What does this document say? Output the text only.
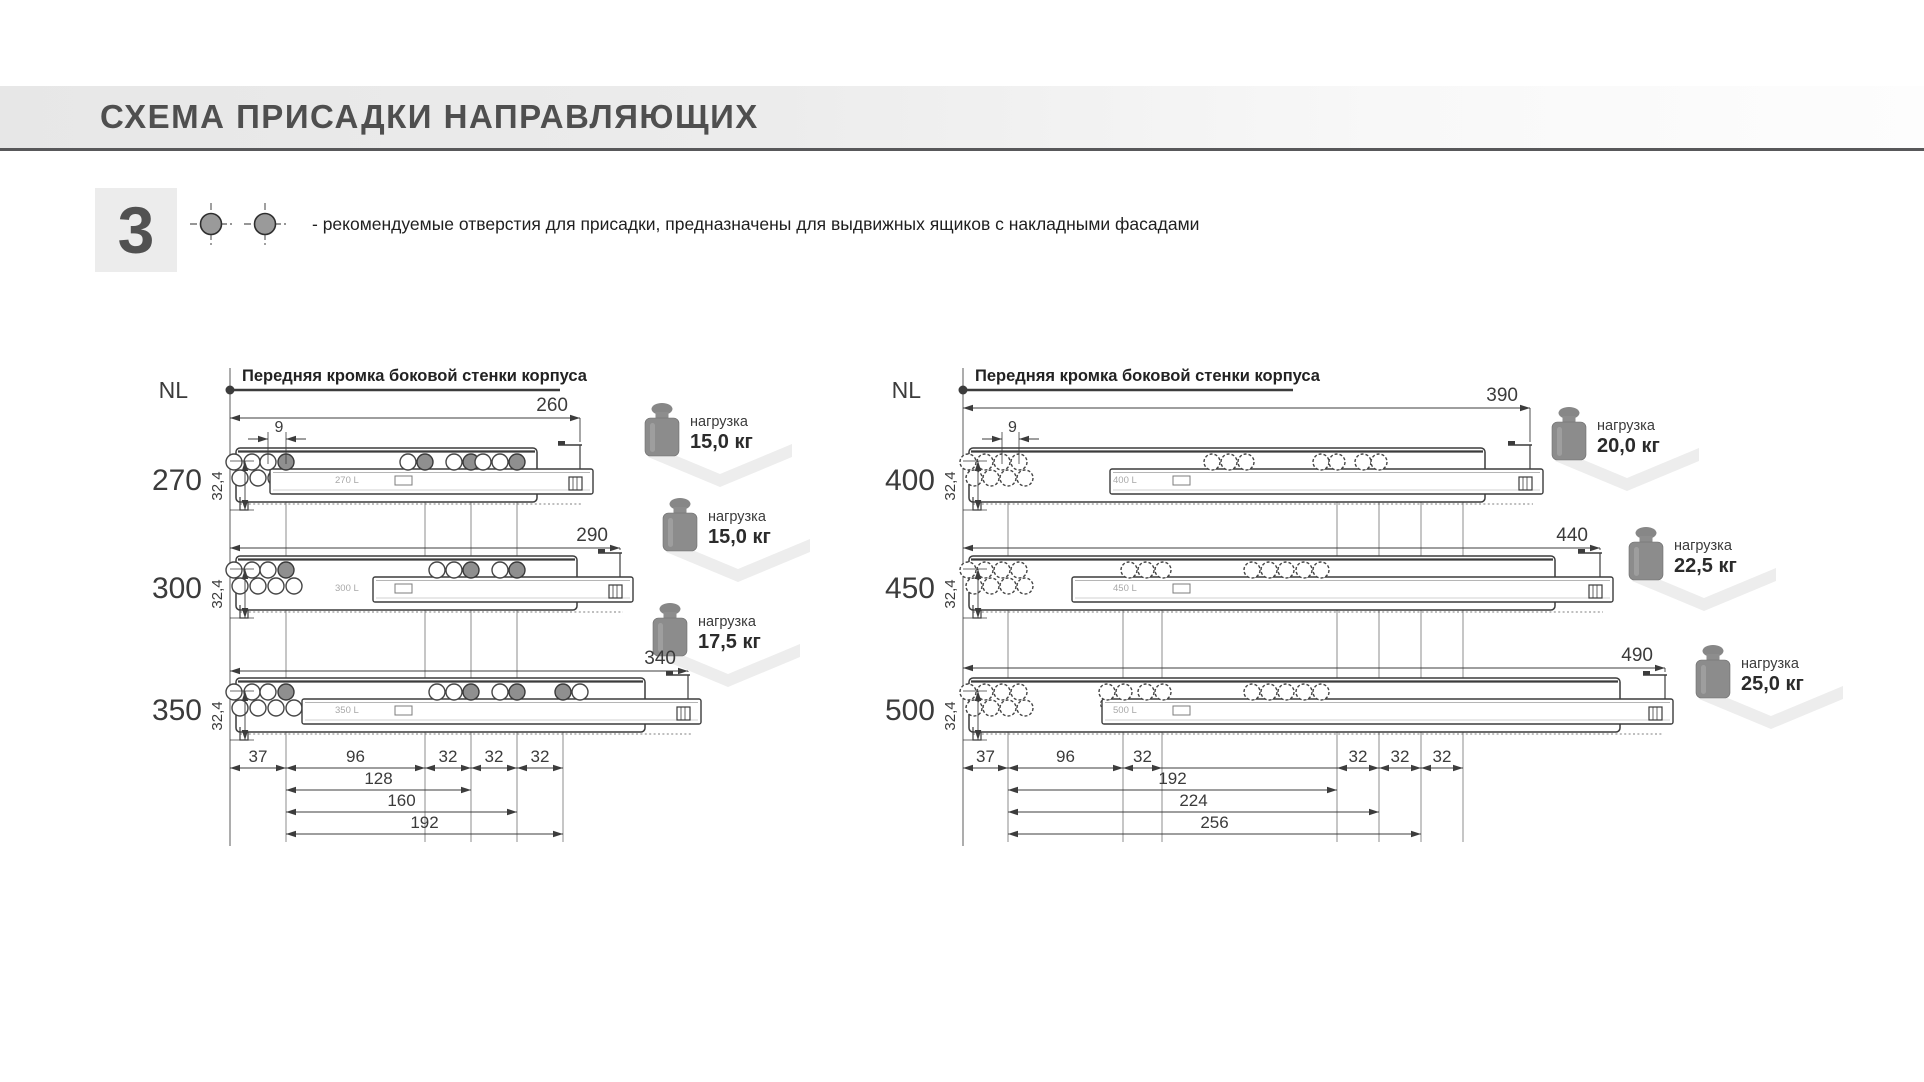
СХЕМА ПРИСАДКИ НАПРАВЛЯЮЩИХ
3	- рекомендуемые отверстия для присадки, предназначены для выдвижных ящиков с накладными фасадами
нагрузка
15,0 кг
нагрузка
15,0 кг
нагрузка
17,5 кг
NL
Передняя кромка боковой стенки корпуса
260
270 L
32,4
270
9
290
300 L
32,4
300
340
350 L
32,4
350
37	96	32 32 32
128
160
192
нагрузка
20,0 кг
нагрузка
22,5 кг
нагрузка
25,0 кг
NL
Передняя кромка боковой стенки корпуса
390
400 L
32,4
400
9
440
450 L
32,4
450
490
500 L
32,4
500
37	96	32	32 32 32
192
224
256
